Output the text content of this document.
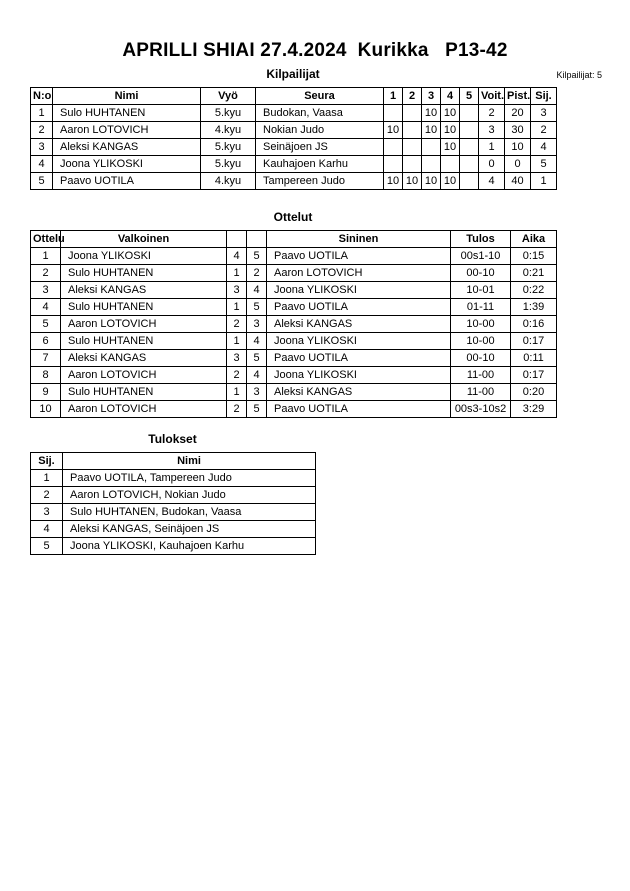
APRILLI SHIAI 27.4.2024  Kurikka   P13-42
Kilpailijat: 5
Kilpailijat
N:o	Nimi	Vyö	Seura	1	2	3	4	5	Voit.	Pist.	Sij.
1	Sulo HUHTANEN	5.kyu	Budokan, Vaasa			10	10		2	20	3
2	Aaron LOTOVICH	4.kyu	Nokian Judo	10		10	10		3	30	2
3	Aleksi KANGAS	5.kyu	Seinäjoen JS				10		1	10	4
4	Joona YLIKOSKI	5.kyu	Kauhajoen Karhu						0	0	5
5	Paavo UOTILA	4.kyu	Tampereen Judo	10	10	10	10		4	40	1
Ottelut
Ottelu	Valkoinen			Sininen	Tulos	Aika
1	Joona YLIKOSKI	4	5	Paavo UOTILA	00s1-10	0:15
2	Sulo HUHTANEN	1	2	Aaron LOTOVICH	00-10	0:21
3	Aleksi KANGAS	3	4	Joona YLIKOSKI	10-01	0:22
4	Sulo HUHTANEN	1	5	Paavo UOTILA	01-11	1:39
5	Aaron LOTOVICH	2	3	Aleksi KANGAS	10-00	0:16
6	Sulo HUHTANEN	1	4	Joona YLIKOSKI	10-00	0:17
7	Aleksi KANGAS	3	5	Paavo UOTILA	00-10	0:11
8	Aaron LOTOVICH	2	4	Joona YLIKOSKI	11-00	0:17
9	Sulo HUHTANEN	1	3	Aleksi KANGAS	11-00	0:20
10	Aaron LOTOVICH	2	5	Paavo UOTILA	00s3-10s2	3:29
Tulokset
Sij.	Nimi
1	Paavo UOTILA, Tampereen Judo
2	Aaron LOTOVICH, Nokian Judo
3	Sulo HUHTANEN, Budokan, Vaasa
4	Aleksi KANGAS, Seinäjoen JS
5	Joona YLIKOSKI, Kauhajoen Karhu
